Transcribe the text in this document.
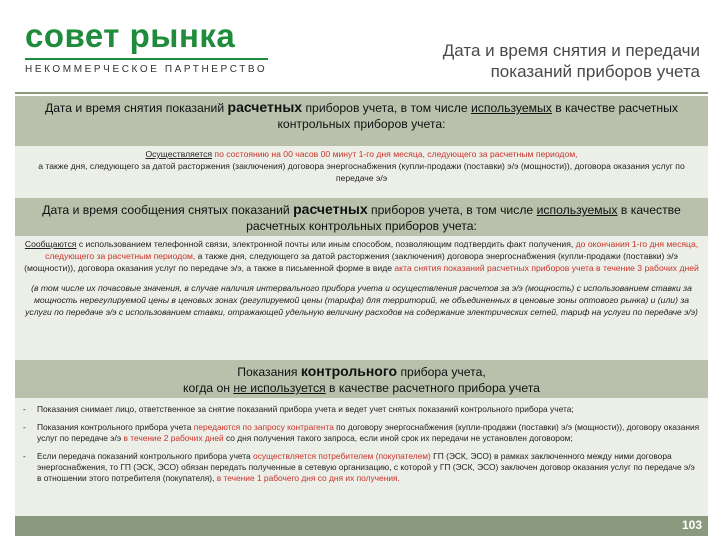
совет рынка
НЕКОММЕРЧЕСКОЕ ПАРТНЕРСТВО
Дата и время снятия и передачи
показаний приборов учета
Дата и время снятия показаний расчетных приборов учета, в том числе используемых в качестве расчетных контрольных приборов учета:
Осуществляется по состоянию на 00 часов 00 минут 1-го дня месяца, следующего за расчетным периодом,
а также дня, следующего за датой расторжения (заключения) договора энергоснабжения (купли-продажи (поставки) э/э (мощности)), договора оказания услуг по передаче э/э
Дата и время сообщения снятых показаний расчетных приборов учета, в том числе используемых в качестве расчетных контрольных приборов учета:
Сообщаются с использованием телефонной связи, электронной почты или иным способом, позволяющим подтвердить факт получения, до окончания 1-го дня месяца, следующего за расчетным периодом, а также дня, следующего за датой расторжения (заключения) договора энергоснабжения (купли-продажи (поставки) э/э (мощности)), договора оказания услуг по передаче э/э, а также в письменной форме в виде акта снятия показаний расчетных приборов учета в течение 3 рабочих дней
(в том числе их почасовые значения, в случае наличия интервального прибора учета и осуществления расчетов за э/э (мощность) с использованием ставки за мощность нерегулируемой цены в ценовых зонах (регулируемой цены (тарифа) для территорий, не объединенных в ценовые зоны оптового рынка) и (или) за услуги по передаче э/э с использованием ставки, отражающей удельную величину расходов на содержание электрических сетей, тариф на услуги по передаче э/э)
Показания контрольного прибора учета,
когда он не используется в качестве расчетного прибора учета
-	Показания снимает лицо, ответственное за снятие показаний прибора учета и ведет учет снятых показаний контрольного прибора учета;
-	Показания контрольного прибора учета передаются по запросу контрагента по договору энергоснабжения (купли-продажи (поставки) э/э (мощности)), договору оказания услуг по передаче э/э в течение 2 рабочих дней со дня получения такого запроса, если иной срок их передачи не установлен договором;
-	Если передача показаний контрольного прибора учета осуществляется потребителем (покупателем) ГП (ЭСК, ЭСО) в рамках заключенного между ними договора энергоснабжения, то ГП (ЭСК, ЭСО) обязан передать полученные в сетевую организацию, с которой у ГП (ЭСК, ЭСО) заключен договор оказания услуг по передаче э/э в отношении этого потребителя (покупателя), в течение 1 рабочего дня со дня их получения.
103
